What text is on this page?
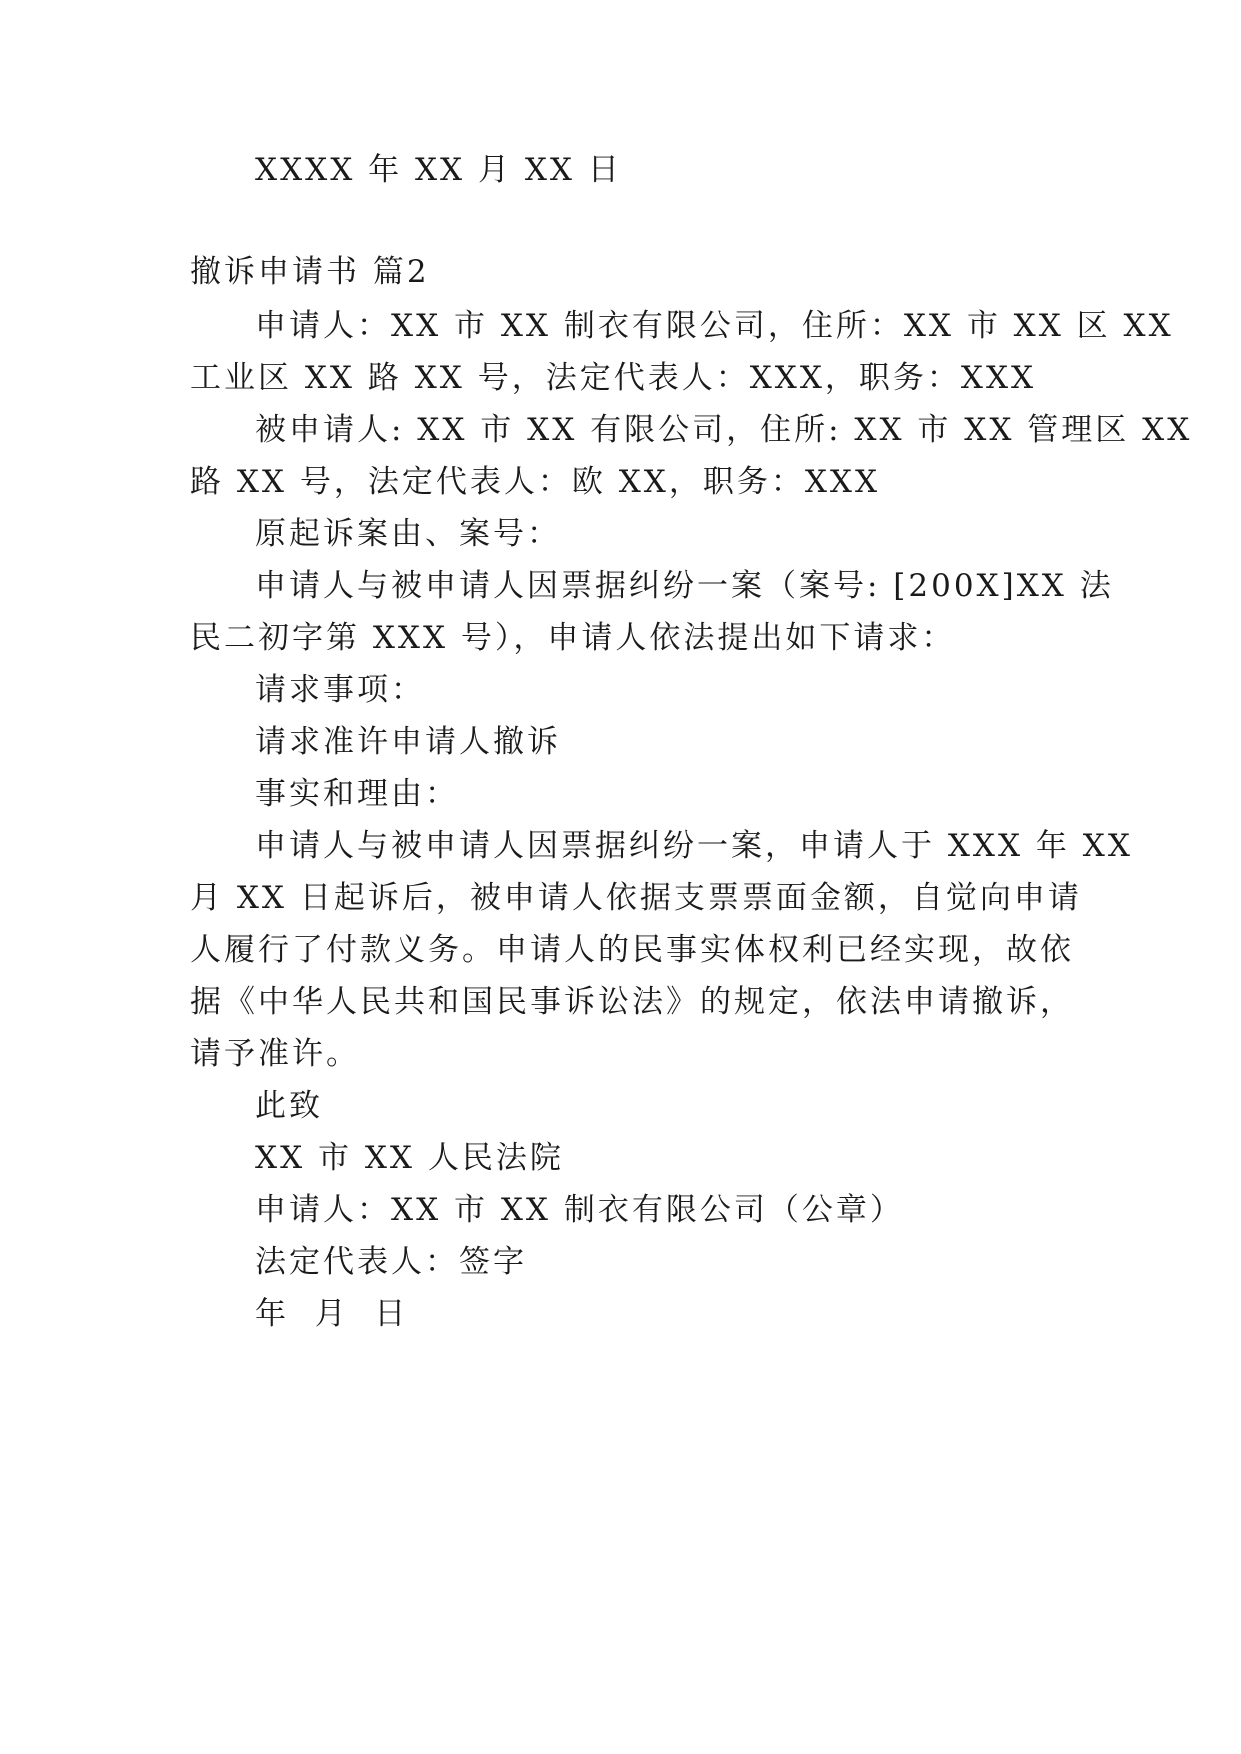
XXXX 年 XX 月 XX 日
撤诉申请书 篇2
申请人：XX 市 XX 制衣有限公司，住所：XX 市 XX 区 XX
工业区 XX 路 XX 号，法定代表人：XXX，职务：XXX
被申请人: XX 市 XX 有限公司，住所: XX 市 XX 管理区 XX
路 XX 号，法定代表人：欧 XX，职务：XXX
原起诉案由、案号：
申请人与被申请人因票据纠纷一案（案号: [200X]XX 法
民二初字第 XXX 号），申请人依法提出如下请求：
请求事项：
请求准许申请人撤诉
事实和理由：
申请人与被申请人因票据纠纷一案，申请人于 XXX 年 XX
月 XX 日起诉后，被申请人依据支票票面金额，自觉向申请
人履行了付款义务。申请人的民事实体权利已经实现，故依
据《中华人民共和国民事诉讼法》的规定，依法申请撤诉，
请予准许。
此致
XX 市 XX 人民法院
申请人：XX 市 XX 制衣有限公司（公章）
法定代表人：签字
年  月  日
